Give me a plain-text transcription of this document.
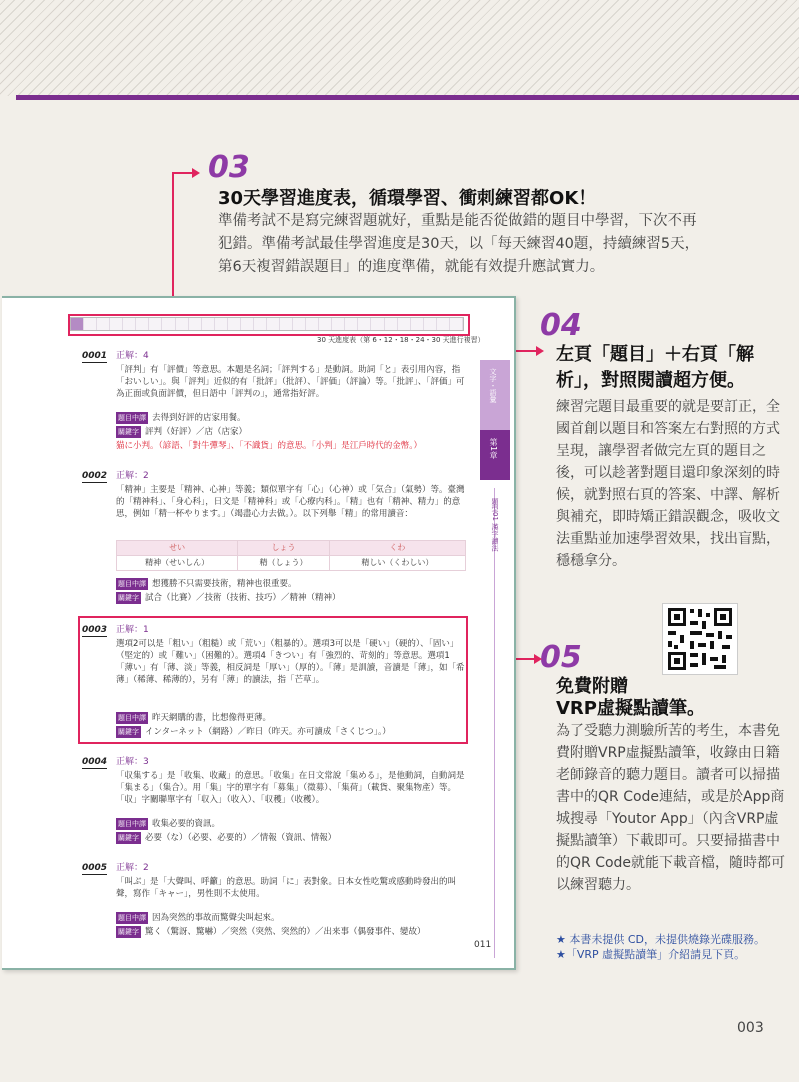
03
30天學習進度表，循環學習、衝刺練習都OK！
準備考試不是寫完練習題就好，重點是能否從做錯的題目中學習，下次不再犯錯。準備考試最佳學習進度是30天，以「每天練習40題，持續練習5天，第6天複習錯誤題目」的進度準備，就能有效提升應試實力。
04
左頁「題目」＋右頁「解析」，對照閱讀超方便。
練習完題目最重要的就是要訂正，全國首創以題目和答案左右對照的方式呈現，讓學習者做完左頁的題目之後，可以趁著對題目還印象深刻的時候，就對照右頁的答案、中譯、解析與補充，即時矯正錯誤觀念，吸收文法重點並加速學習效果，找出盲點，穩穩拿分。
05
免費附贈
VRP虛擬點讀筆。
為了受聽力測驗所苦的考生，本書免費附贈VRP虛擬點讀筆，收錄由日籍老師錄音的聽力題目。讀者可以掃描書中的QR Code連結，或是於App商城搜尋「Youtor App」（內含VRP虛擬點讀筆）下載即可。只要掃描書中的QR Code就能下載音檔，隨時都可以練習聽力。
★ 本書未提供 CD，未提供燒錄光碟服務。
★「VRP 虛擬點讀筆」介紹請見下頁。
30 天進度表（第 6・12・18・24・30 天進行複習）
文字・語彙
第1章
題型01 漢字讀法
0001 正解：4
「評判」有「評價」等意思。本題是名詞；「評判する」是動詞。助詞「と」表引用內容，指「おいしい」。與「評判」近似的有「批評」（批評）、「評価」（評論）等。「批評」、「評価」可為正面或負面評價，但日語中「評判の」，通常指好評。
題目中譯 去得到好評的店家用餐。
關鍵字 評判（好評）／店（店家）
猫に小判。（諺語、「對牛彈琴」、「不識貨」的意思。「小判」是江戶時代的金幣。）
0002 正解：2
「精神」主要是「精神、心神」等義；類似單字有「心」（心神）或「気合」（氣勢）等。臺灣的「精神科」、「身心科」，日文是「精神科」或「心療内科」。「精」也有「精神、精力」的意思，例如「精一杯やります。」（竭盡心力去做。）。以下列舉「精」的常用讀音：
せい	しょう	くわ
精神（せいしん）	精（しょう）	精しい（くわしい）
題目中譯 想獲勝不只需要技術，精神也很重要。
關鍵字 試合（比賽）／技術（技術、技巧）／精神（精神）
0003 正解：1
選項2可以是「粗い」（粗糙）或「荒い」（粗暴的）。選項3可以是「硬い」（硬的）、「固い」（堅定的）或「難い」（困難的）。選項4「きつい」有「強烈的、苛刻的」等意思。選項1「薄い」有「薄、淡」等義，相反詞是「厚い」（厚的）。「薄」是訓讀，音讀是「薄」，如「希薄」（稀薄、稀薄的），另有「薄」的讀法，指「芒草」。
題目中譯 昨天網購的書，比想像得更薄。
關鍵字 インターネット（網路）／昨日（昨天。亦可讀成「さくじつ」。）
0004 正解：3
「収集する」是「收集、收藏」的意思。「收集」在日文常說「集める」，是他動詞，自動詞是「集まる」（集合）。用「集」字的單字有「募集」（徵募）、「集荷」（載貨、聚集物產）等。「収」字關聯單字有「収入」（收入）、「収穫」（收穫）。
題目中譯 收集必要的資訊。
關鍵字 必要（な）（必要、必要的）／情報（資訊、情報）
0005 正解：2
「叫ぶ」是「大聲叫、呼籲」的意思。助詞「に」表對象。日本女性吃驚或感動時發出的叫聲，寫作「キャー」，男性則不太使用。
題目中譯 因為突然的事故而驚聲尖叫起來。
關鍵字 驚く（驚訝、驚嚇）／突然（突然、突然的）／出来事（偶發事件、變故）
011
003
